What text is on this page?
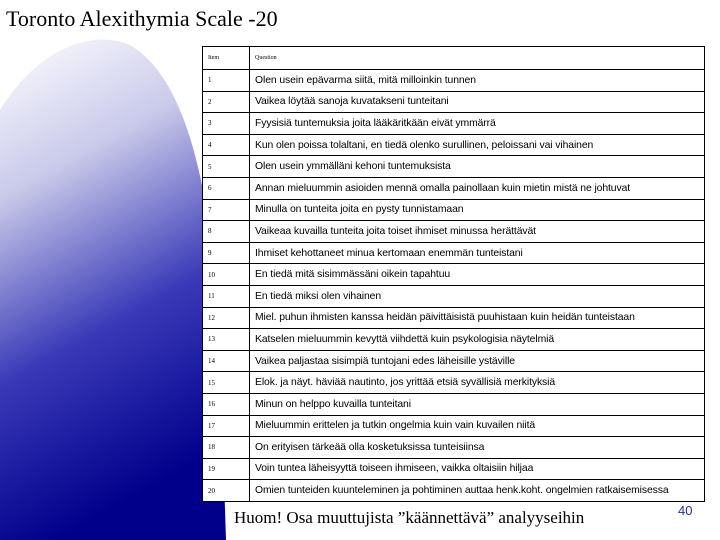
Toronto Alexithymia Scale -20
Item	Question
1	Olen usein epävarma siitä, mitä milloinkin tunnen
2	Vaikea löytää sanoja kuvatakseni tunteitani
3	Fyysisiä tuntemuksia joita lääkäritkään eivät ymmärrä
4	Kun olen poissa tolaltani, en tiedä olenko surullinen, peloissani vai vihainen
5	Olen usein ymmälläni kehoni tuntemuksista
6	Annan mieluummin asioiden mennä omalla painollaan kuin mietin mistä ne johtuvat
7	Minulla on tunteita joita en pysty tunnistamaan
8	Vaikeaa kuvailla tunteita joita toiset ihmiset minussa herättävät
9	Ihmiset kehottaneet minua kertomaan enemmän tunteistani
10	En tiedä mitä sisimmässäni oikein tapahtuu
11	En tiedä miksi olen vihainen
12	Miel. puhun ihmisten kanssa heidän päivittäisistä puuhistaan kuin heidän tunteistaan
13	Katselen mieluummin kevyttä viihdettä kuin psykologisia näytelmiä
14	Vaikea paljastaa sisimpiä tuntojani edes läheisille ystäville
15	Elok. ja näyt. häviää nautinto, jos yrittää etsiä syvällisiä merkityksiä
16	Minun on helppo kuvailla tunteitani
17	Mieluummin erittelen ja tutkin ongelmia kuin vain kuvailen niitä
18	On erityisen tärkeää olla kosketuksissa tunteisiinsa
19	Voin tuntea läheisyyttä toiseen ihmiseen, vaikka oltaisiin hiljaa
20	Omien tunteiden kuunteleminen ja pohtiminen auttaa henk.koht. ongelmien ratkaisemisessa
Huom! Osa muuttujista ”käännettävä” analyyseihin	40
